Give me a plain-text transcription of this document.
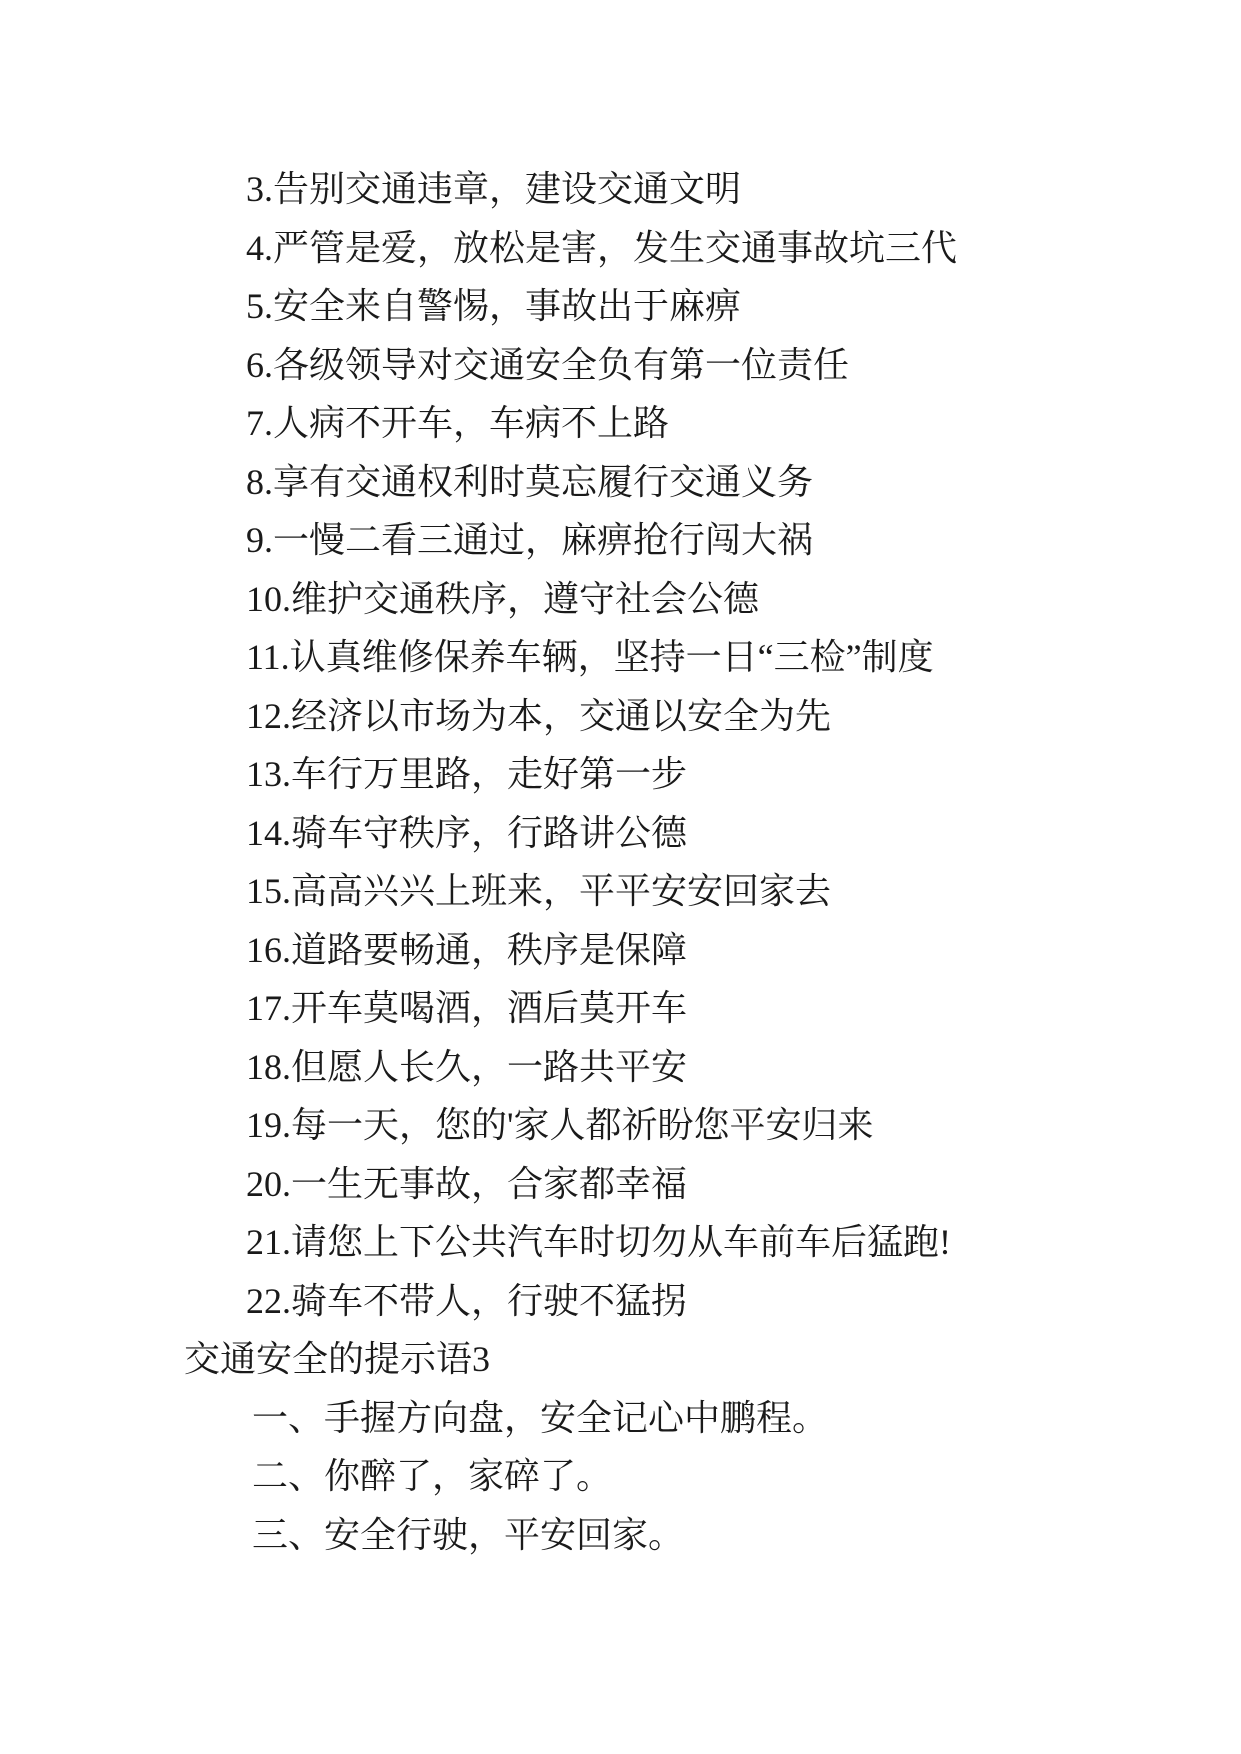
3.告别交通违章，建设交通文明

4.严管是爱，放松是害，发生交通事故坑三代

5.安全来自警惕，事故出于麻痹

6.各级领导对交通安全负有第一位责任

7.人病不开车，车病不上路

8.享有交通权利时莫忘履行交通义务

9.一慢二看三通过，麻痹抢行闯大祸

10.维护交通秩序，遵守社会公德

11.认真维修保养车辆，坚持一日“三检”制度

12.经济以市场为本，交通以安全为先

13.车行万里路，走好第一步

14.骑车守秩序，行路讲公德

15.高高兴兴上班来，平平安安回家去

16.道路要畅通，秩序是保障

17.开车莫喝酒，酒后莫开车

18.但愿人长久，一路共平安

19.每一天，您的'家人都祈盼您平安归来

20.一生无事故，合家都幸福

21.请您上下公共汽车时切勿从车前车后猛跑!

22.骑车不带人，行驶不猛拐

交通安全的提示语3

一、手握方向盘，安全记心中鹏程。

二、你醉了，家碎了。

三、安全行驶，平安回家。
